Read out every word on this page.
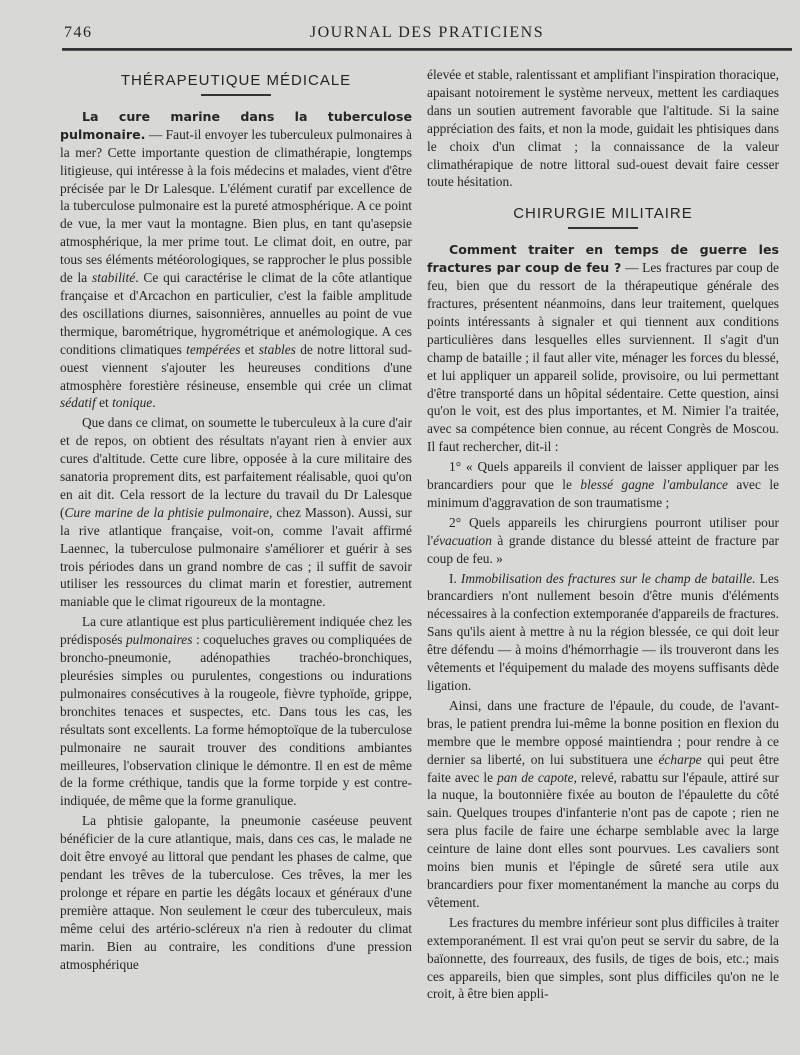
746	JOURNAL DES PRATICIENS
THÉRAPEUTIQUE MÉDICALE

La cure marine dans la tuberculose pulmonaire. — Faut-il envoyer les tuberculeux pulmonaires à la mer? Cette importante question de climathérapie, longtemps litigieuse, qui intéresse à la fois médecins et malades, vient d'être précisée par le Dr Lalesque. L'élément curatif par excellence de la tuberculose pulmonaire est la pureté atmosphérique. A ce point de vue, la mer vaut la montagne. Bien plus, en tant qu'asepsie atmosphérique, la mer prime tout. Le climat doit, en outre, par tous ses éléments météorologiques, se rapprocher le plus possible de la stabilité. Ce qui caractérise le climat de la côte atlantique française et d'Arcachon en particulier, c'est la faible amplitude des oscillations diurnes, saisonnières, annuelles au point de vue thermique, barométrique, hygrométrique et anémologique. A ces conditions climatiques tempérées et stables de notre littoral sud-ouest viennent s'ajouter les heureuses conditions d'une atmosphère forestière résineuse, ensemble qui crée un climat sédatif et tonique.

Que dans ce climat, on soumette le tuberculeux à la cure d'air et de repos, on obtient des résultats n'ayant rien à envier aux cures d'altitude. Cette cure libre, opposée à la cure militaire des sanatoria proprement dits, est parfaitement réalisable, quoi qu'on en ait dit. Cela ressort de la lecture du travail du Dr Lalesque (Cure marine de la phtisie pulmonaire, chez Masson). Aussi, sur la rive atlantique française, voit-on, comme l'avait affirmé Laennec, la tuberculose pulmonaire s'améliorer et guérir à ses trois périodes dans un grand nombre de cas ; il suffit de savoir utiliser les ressources du climat marin et forestier, autrement maniable que le climat rigoureux de la montagne.

La cure atlantique est plus particulièrement indiquée chez les prédisposés pulmonaires : coqueluches graves ou compliquées de broncho-pneumonie, adénopathies trachéo-bronchiques, pleurésies simples ou purulentes, congestions ou indurations pulmonaires consécutives à la rougeole, fièvre typhoïde, grippe, bronchites tenaces et suspectes, etc. Dans tous les cas, les résultats sont excellents. La forme hémoptoïque de la tuberculose pulmonaire ne saurait trouver des conditions ambiantes meilleures, l'observation clinique le démontre. Il en est de même de la forme créthique, tandis que la forme torpide y est contre-indiquée, de même que la forme granulique.

La phtisie galopante, la pneumonie caséeuse peuvent bénéficier de la cure atlantique, mais, dans ces cas, le malade ne doit être envoyé au littoral que pendant les phases de calme, que pendant les trêves de la tuberculose. Ces trêves, la mer les prolonge et répare en partie les dégâts locaux et généraux d'une première attaque. Non seulement le cœur des tuberculeux, mais même celui des artério-scléreux n'a rien à redouter du climat marin. Bien au contraire, les conditions d'une pression atmosphérique

élevée et stable, ralentissant et amplifiant l'inspiration thoracique, apaisant notoirement le système nerveux, mettent les cardiaques dans un soutien autrement favorable que l'altitude. Si la saine appréciation des faits, et non la mode, guidait les phtisiques dans le choix d'un climat ; la connaissance de la valeur climathérapique de notre littoral sud-ouest devait faire cesser toute hésitation.

CHIRURGIE MILITAIRE

Comment traiter en temps de guerre les fractures par coup de feu ? — Les fractures par coup de feu, bien que du ressort de la thérapeutique générale des fractures, présentent néanmoins, dans leur traitement, quelques points intéressants à signaler et qui tiennent aux conditions particulières dans lesquelles elles surviennent. Il s'agit d'un champ de bataille ; il faut aller vite, ménager les forces du blessé, et lui appliquer un appareil solide, provisoire, ou lui permettant d'être transporté dans un hôpital sédentaire. Cette question, ainsi qu'on le voit, est des plus importantes, et M. Nimier l'a traitée, avec sa compétence bien connue, au récent Congrès de Moscou. Il faut rechercher, dit-il :

1° « Quels appareils il convient de laisser appliquer par les brancardiers pour que le blessé gagne l'ambulance avec le minimum d'aggravation de son traumatisme ;

2° Quels appareils les chirurgiens pourront utiliser pour l'évacuation à grande distance du blessé atteint de fracture par coup de feu. »

I. Immobilisation des fractures sur le champ de bataille. Les brancardiers n'ont nullement besoin d'être munis d'éléments nécessaires à la confection extemporanée d'appareils de fractures. Sans qu'ils aient à mettre à nu la région blessée, ce qui doit leur être défendu — à moins d'hémorrhagie — ils trouveront dans les vêtements et l'équipement du malade des moyens suffisants dède ligation.

Ainsi, dans une fracture de l'épaule, du coude, de l'avant-bras, le patient prendra lui-même la bonne position en flexion du membre que le membre opposé maintiendra ; pour rendre à ce dernier sa liberté, on lui substituera une écharpe qui peut être faite avec le pan de capote, relevé, rabattu sur l'épaule, attiré sur la nuque, la boutonnière fixée au bouton de l'épaulette du côté sain. Quelques troupes d'infanterie n'ont pas de capote ; rien ne sera plus facile de faire une écharpe semblable avec la large ceinture de laine dont elles sont pourvues. Les cavaliers sont moins bien munis et l'épingle de sûreté sera utile aux brancardiers pour fixer momentanément la manche au corps du vêtement.

Les fractures du membre inférieur sont plus difficiles à traiter extemporanément. Il est vrai qu'on peut se servir du sabre, de la baïonnette, des fourreaux, des fusils, de tiges de bois, etc.; mais ces appareils, bien que simples, sont plus difficiles qu'on ne le croit, à être bien appli-
